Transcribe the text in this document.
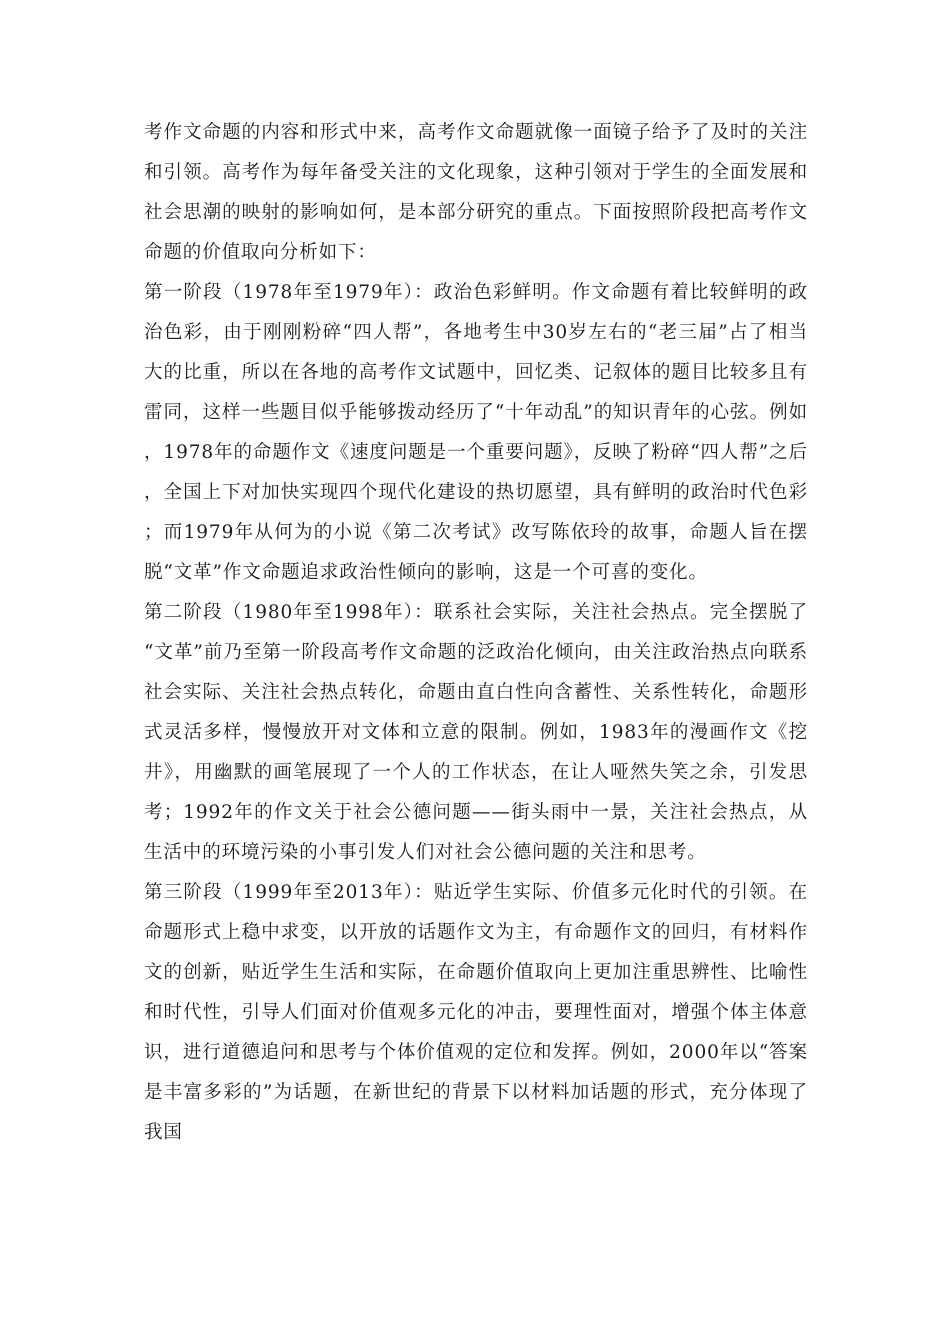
考作文命题的内容和形式中来，高考作文命题就像一面镜子给予了及时的关注和引领。高考作为每年备受关注的文化现象，这种引领对于学生的全面发展和社会思潮的映射的影响如何，是本部分研究的重点。下面按照阶段把高考作文命题的价值取向分析如下：

第一阶段（1978年至1979年）：政治色彩鲜明。作文命题有着比较鲜明的政治色彩，由于刚刚粉碎“四人帮”，各地考生中30岁左右的“老三届”占了相当大的比重，所以在各地的高考作文试题中，回忆类、记叙体的题目比较多且有雷同，这样一些题目似乎能够拨动经历了“十年动乱”的知识青年的心弦。例如，1978年的命题作文《速度问题是一个重要问题》，反映了粉碎“四人帮”之后，全国上下对加快实现四个现代化建设的热切愿望，具有鲜明的政治时代色彩；而1979年从何为的小说《第二次考试》改写陈依玲的故事，命题人旨在摆脱“文革”作文命题追求政治性倾向的影响，这是一个可喜的变化。

第二阶段（1980年至1998年）：联系社会实际，关注社会热点。完全摆脱了“文革”前乃至第一阶段高考作文命题的泛政治化倾向，由关注政治热点向联系社会实际、关注社会热点转化，命题由直白性向含蓄性、关系性转化，命题形式灵活多样，慢慢放开对文体和立意的限制。例如，1983年的漫画作文《挖井》，用幽默的画笔展现了一个人的工作状态，在让人哑然失笑之余，引发思考；1992年的作文关于社会公德问题——街头雨中一景，关注社会热点，从生活中的环境污染的小事引发人们对社会公德问题的关注和思考。

第三阶段（1999年至2013年）：贴近学生实际、价值多元化时代的引领。在命题形式上稳中求变，以开放的话题作文为主，有命题作文的回归，有材料作文的创新，贴近学生生活和实际，在命题价值取向上更加注重思辨性、比喻性和时代性，引导人们面对价值观多元化的冲击，要理性面对，增强个体主体意识，进行道德追问和思考与个体价值观的定位和发挥。例如，2000年以“答案是丰富多彩的”为话题，在新世纪的背景下以材料加话题的形式，充分体现了我国
